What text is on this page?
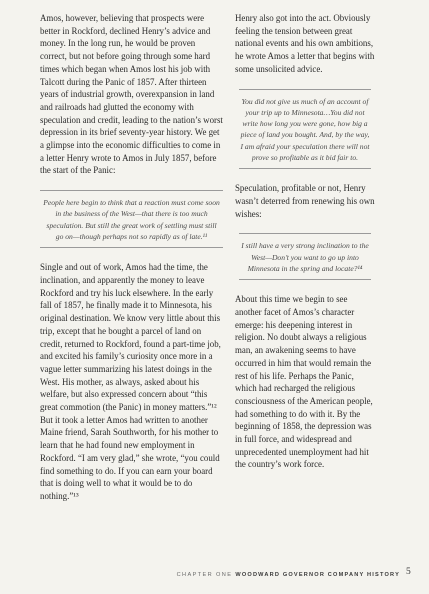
Amos, however, believing that prospects were better in Rockford, declined Henry’s advice and money. In the long run, he would be proven correct, but not before going through some hard times which began when Amos lost his job with Talcott during the Panic of 1857. After thirteen years of industrial growth, overexpansion in land and railroads had glutted the economy with speculation and credit, leading to the nation’s worst depression in its brief seventy-year history. We get a glimpse into the economic difficulties to come in a letter Henry wrote to Amos in July 1857, before the start of the Panic:

People here begin to think that a reaction must come soon in the business of the West—that there is too much speculation. But still the great work of settling must still go on—though perhaps not so rapidly as of late.¹¹

Single and out of work, Amos had the time, the inclination, and apparently the money to leave Rockford and try his luck elsewhere. In the early fall of 1857, he finally made it to Minnesota, his original destination. We know very little about this trip, except that he bought a parcel of land on credit, returned to Rockford, found a part-time job, and excited his family’s curiosity once more in a vague letter summarizing his latest doings in the West. His mother, as always, asked about his welfare, but also expressed concern about “this great commotion (the Panic) in money matters.”¹² But it took a letter Amos had written to another Maine friend, Sarah Southworth, for his mother to learn that he had found new employment in Rockford. “I am very glad,” she wrote, “you could find something to do. If you can earn your board that is doing well to what it would be to do nothing.”¹³

Henry also got into the act. Obviously feeling the tension between great national events and his own ambitions, he wrote Amos a letter that begins with some unsolicited advice.

You did not give us much of an account of your trip up to Minnesota…You did not write how long you were gone, how big a piece of land you bought. And, by the way, I am afraid your speculation there will not prove so profitable as it bid fair to.

Speculation, profitable or not, Henry wasn’t deterred from renewing his own wishes:

I still have a very strong inclination to the West—Don’t you want to go up into Minnesota in the spring and locate?¹⁴

About this time we begin to see another facet of Amos’s character emerge: his deepening interest in religion. No doubt always a religious man, an awakening seems to have occurred in him that would remain the rest of his life. Perhaps the Panic, which had recharged the religious consciousness of the American people, had something to do with it. By the beginning of 1858, the depression was in full force, and widespread and unprecedented unemployment had hit the country’s work force.

CHAPTER ONE WOODWARD GOVERNOR COMPANY HISTORY 5
